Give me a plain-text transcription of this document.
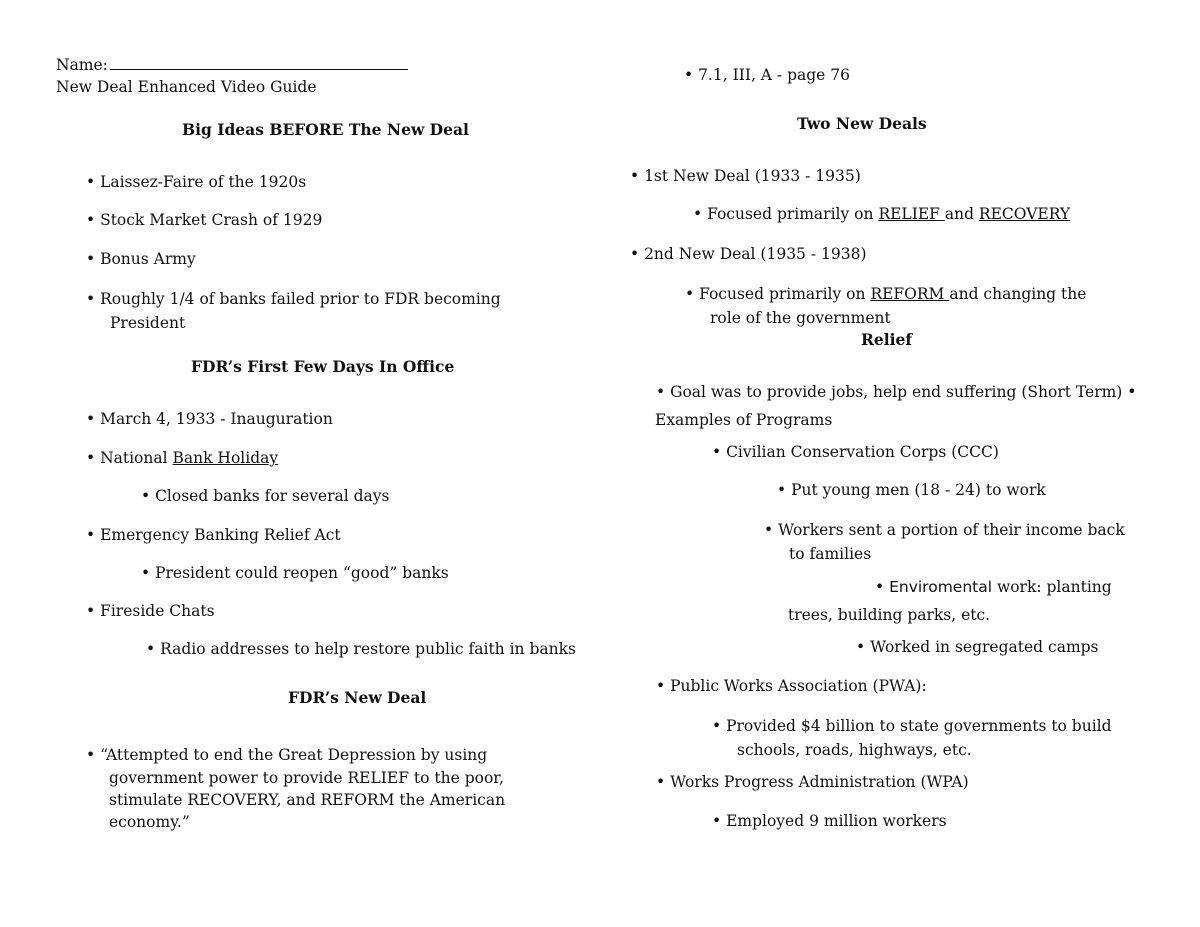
Name:
New Deal Enhanced Video Guide
Big Ideas BEFORE The New Deal
• Laissez-Faire of the 1920s
• Stock Market Crash of 1929
• Bonus Army
• Roughly 1/4 of banks failed prior to FDR becoming
President
FDR’s First Few Days In Office
• March 4, 1933 - Inauguration
• National Bank Holiday
• Closed banks for several days
• Emergency Banking Relief Act
• President could reopen “good” banks
• Fireside Chats
• Radio addresses to help restore public faith in banks
FDR’s New Deal
• “Attempted to end the Great Depression by using
government power to provide RELIEF to the poor,
stimulate RECOVERY, and REFORM the American
economy.”
• 7.1, III, A - page 76
Two New Deals
• 1st New Deal (1933 - 1935)
• Focused primarily on RELIEF and RECOVERY
• 2nd New Deal (1935 - 1938)
• Focused primarily on REFORM and changing the
role of the government
Relief
• Goal was to provide jobs, help end suffering (Short Term) •
Examples of Programs
• Civilian Conservation Corps (CCC)
• Put young men (18 - 24) to work
• Workers sent a portion of their income back
to families
• Enviromental work: planting
trees, building parks, etc.
• Worked in segregated camps
• Public Works Association (PWA):
• Provided $4 billion to state governments to build
schools, roads, highways, etc.
• Works Progress Administration (WPA)
• Employed 9 million workers
